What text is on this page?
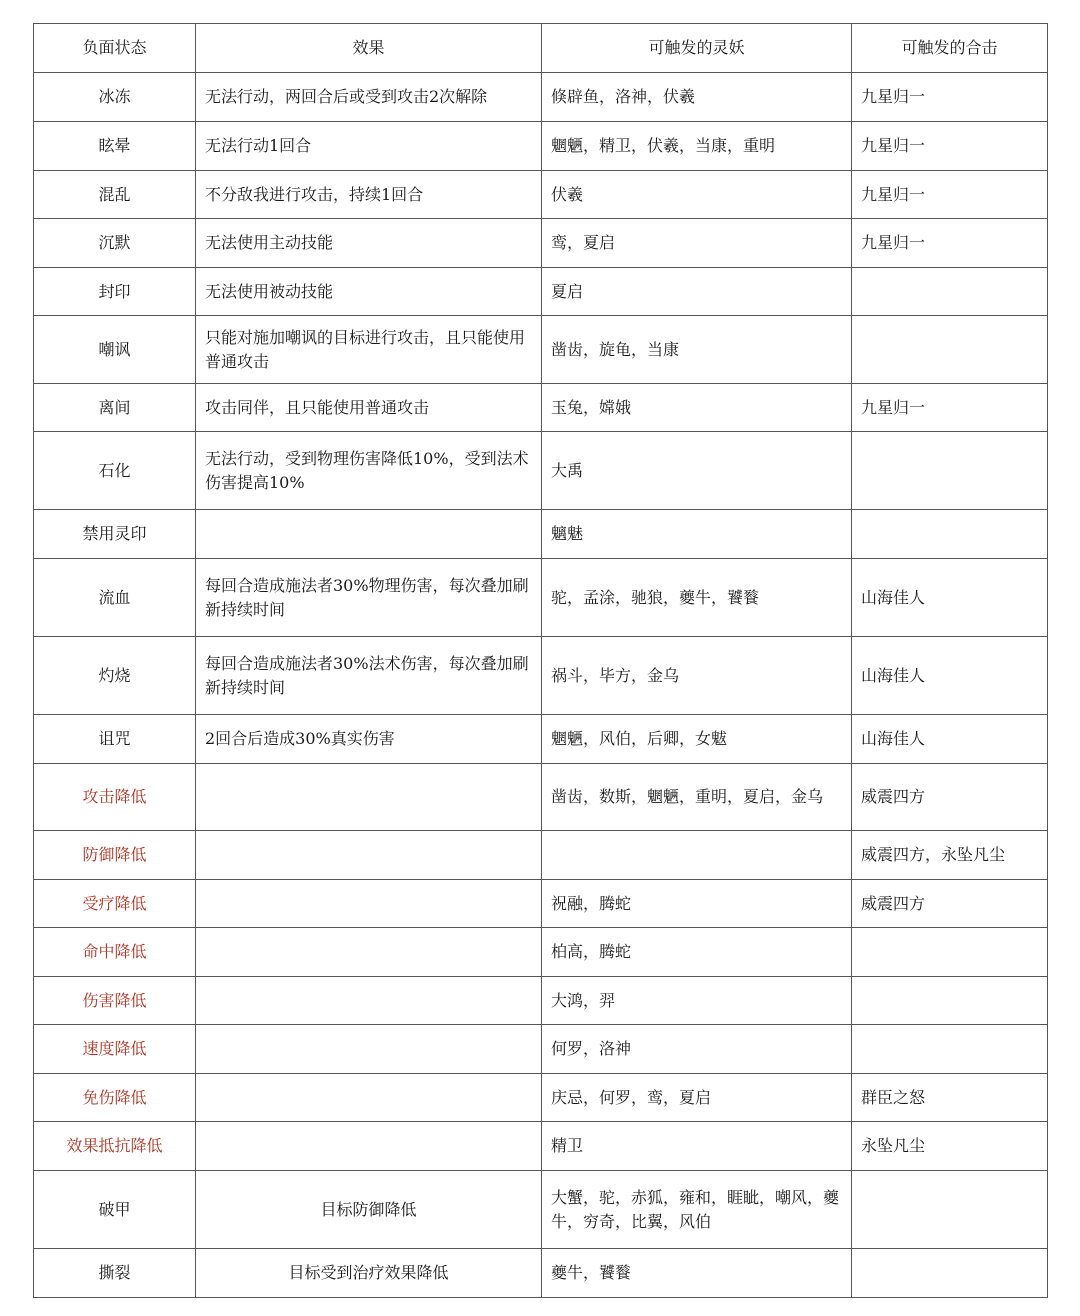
负面状态	效果	可触发的灵妖	可触发的合击
冰冻	无法行动，两回合后或受到攻击2次解除	倏辟鱼，洛神，伏羲	九星归一
眩晕	无法行动1回合	魍魉，精卫，伏羲，当康，重明	九星归一
混乱	不分敌我进行攻击，持续1回合	伏羲	九星归一
沉默	无法使用主动技能	鸾，夏启	九星归一
封印	无法使用被动技能	夏启	
嘲讽	只能对施加嘲讽的目标进行攻击，且只能使用普通攻击	凿齿，旋龟，当康	
离间	攻击同伴，且只能使用普通攻击	玉兔，嫦娥	九星归一
石化	无法行动，受到物理伤害降低10%，受到法术伤害提高10%	大禹	
禁用灵印		魑魅	
流血	每回合造成施法者30%物理伤害，每次叠加刷新持续时间	驼，孟涂，驰狼，夔牛，饕餮	山海佳人
灼烧	每回合造成施法者30%法术伤害，每次叠加刷新持续时间	祸斗，毕方，金乌	山海佳人
诅咒	2回合后造成30%真实伤害	魍魉，风伯，后卿，女魃	山海佳人
攻击降低		凿齿，数斯，魍魉，重明，夏启，金乌	威震四方
防御降低			威震四方，永坠凡尘
受疗降低		祝融，腾蛇	威震四方
命中降低		柏高，腾蛇	
伤害降低		大鸿，羿	
速度降低		何罗，洛神	
免伤降低		庆忌，何罗，鸾，夏启	群臣之怒
效果抵抗降低		精卫	永坠凡尘
破甲	目标防御降低	大蟹，驼，赤狐，雍和，睚眦，嘲风，夔牛，穷奇，比翼，风伯	
撕裂	目标受到治疗效果降低	夔牛，饕餮	
